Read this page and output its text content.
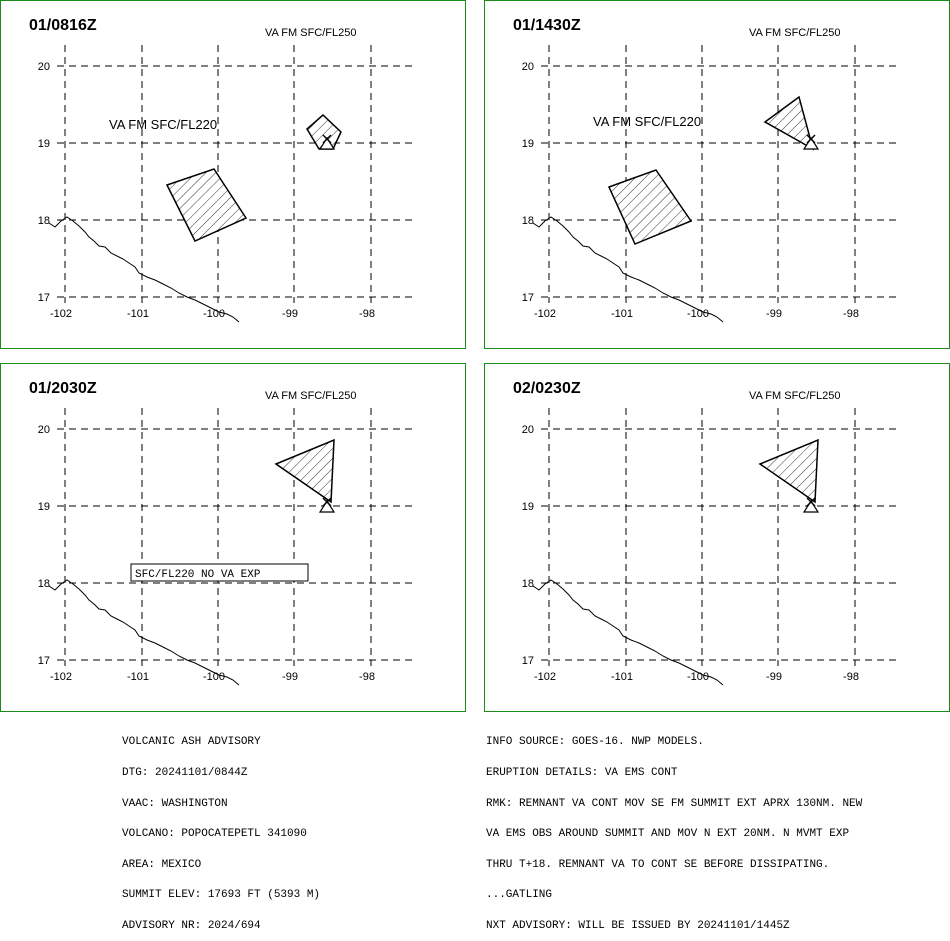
01/0816Z	VA FM SFC/FL250
20
19
18
17
-102	-101	-100	-99	-98
VA FM SFC/FL220
01/1430Z	VA FM SFC/FL250
20
19
18
17
-102	-101	-100	-99	-98
VA FM SFC/FL220
01/2030Z	VA FM SFC/FL250
20
19
18
17
-102	-101	-100	-99	-98
SFC/FL220 NO VA EXP
02/0230Z	VA FM SFC/FL250
20
19
18
17
-102	-101	-100	-99	-98

VOLCANIC ASH ADVISORY

DTG: 20241101/0844Z

VAAC: WASHINGTON

VOLCANO: POPOCATEPETL 341090

AREA: MEXICO

SUMMIT ELEV: 17693 FT (5393 M)

ADVISORY NR: 2024/694

INFO SOURCE: GOES-16. NWP MODELS.

ERUPTION DETAILS: VA EMS CONT

RMK: REMNANT VA CONT MOV SE FM SUMMIT EXT APRX 130NM. NEW

VA EMS OBS AROUND SUMMIT AND MOV N EXT 20NM. N MVMT EXP

THRU T+18. REMNANT VA TO CONT SE BEFORE DISSIPATING.

...GATLING

NXT ADVISORY: WILL BE ISSUED BY 20241101/1445Z
